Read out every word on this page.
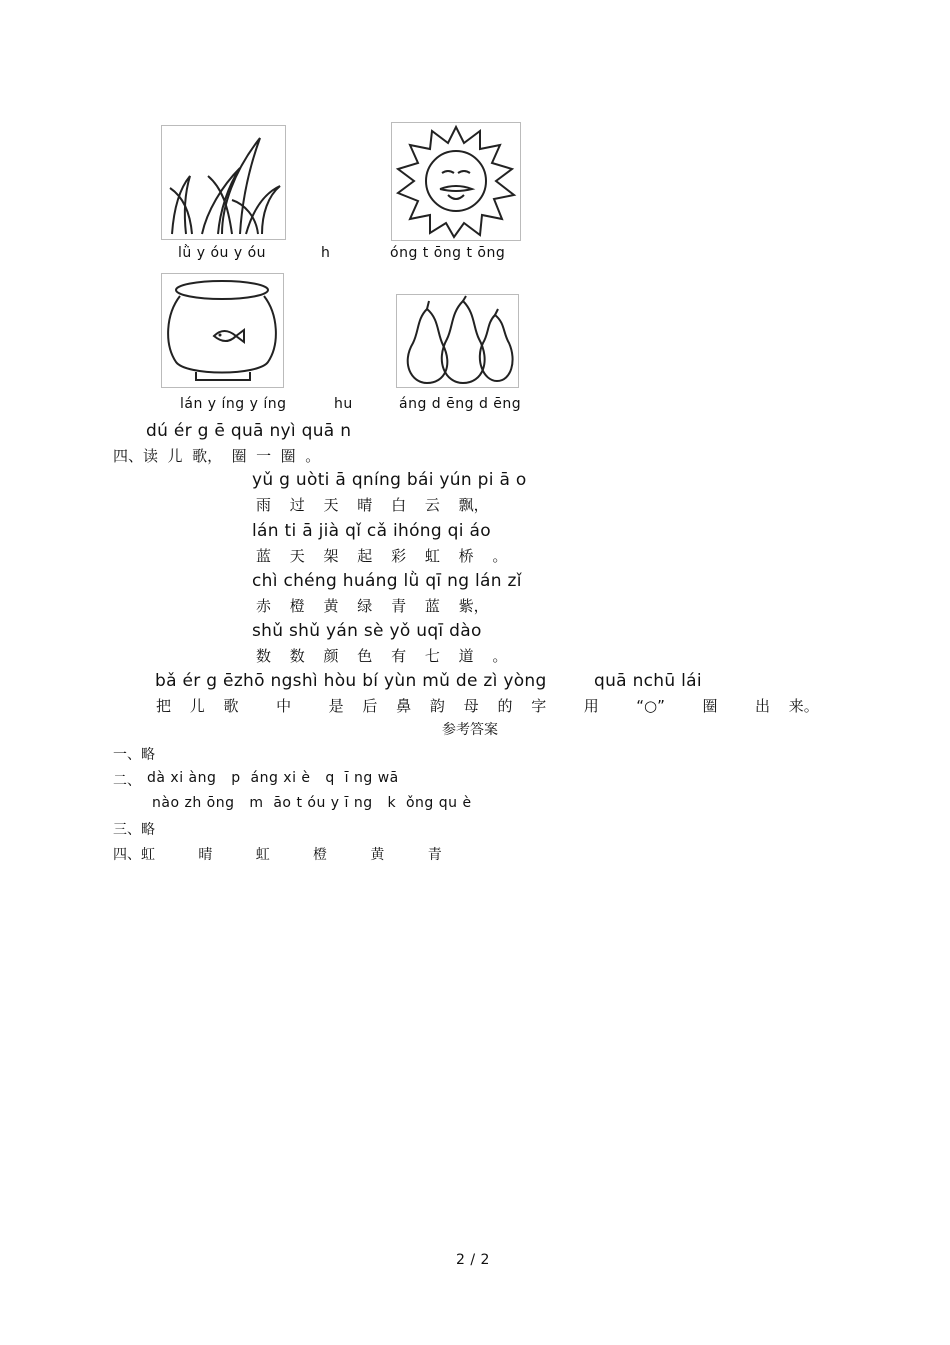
lǜ y óu y óu	h	óng t ōng t ōng
lán y íng y íng	hu	áng d ēng d ēng
dú ér g ē quā nyì quā n
四、读  儿  歌，  圈  一  圈  。
yǔ g uòti ā qníng bái yún pi ā o
雨 过 天 晴 白 云 飘，
lán ti ā jià qǐ cǎ ihóng qi áo
蓝 天 架 起 彩 虹 桥 。
chì chéng huáng lǜ qī ng lán zǐ
赤 橙 黄 绿 青 蓝 紫，
shǔ shǔ yán sè yǒ uqī dào
数 数 颜 色 有 七 道 。
bǎ ér g ēzhō ngshì hòu bí yùn mǔ de zì yòng	quā nchū lái
把 儿 歌  中  是 后 鼻 韵 母 的 字  用  “○”  圈  出 来。
参考答案
一、略
二、 dà xi àng   p  áng xi è   q  ī ng wā
nào zh ōng   m  āo t óu y ī ng   k  ǒng qu è
三、略
四、虹   晴   虹   橙   黄   青
2 / 2
